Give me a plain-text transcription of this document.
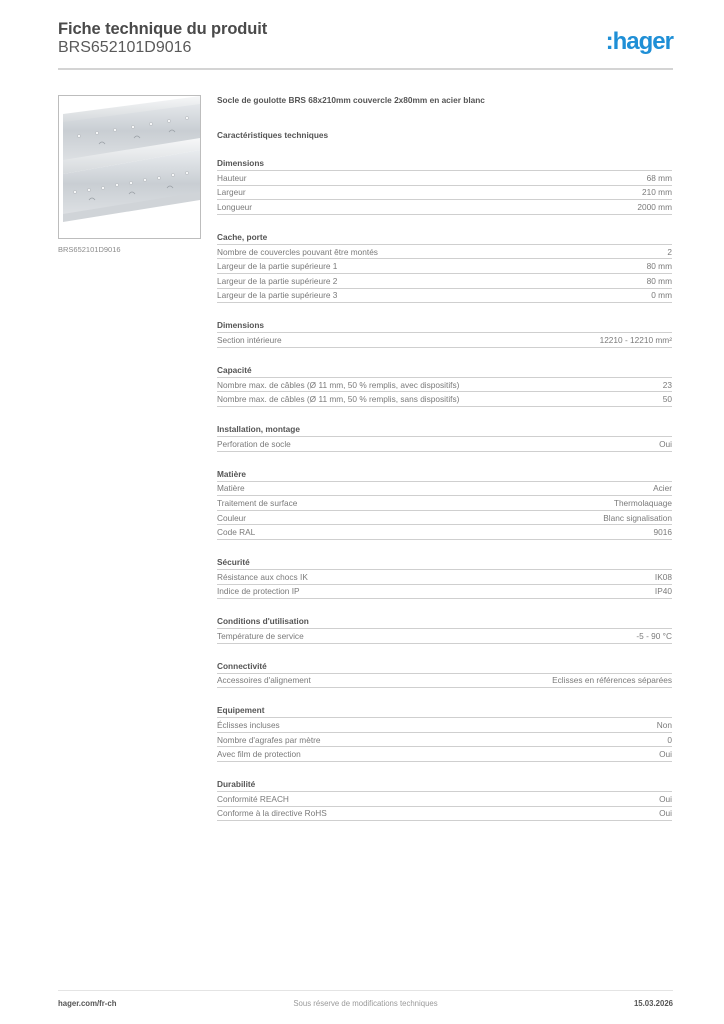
Fiche technique du produit
BRS652101D9016	:hager
BRS652101D9016
Socle de goulotte BRS 68x210mm couvercle 2x80mm en acier blanc
Caractéristiques techniques
Dimensions
Hauteur	68 mm
Largeur	210 mm
Longueur	2000 mm
Cache, porte
Nombre de couvercles pouvant être montés	2
Largeur de la partie supérieure 1	80 mm
Largeur de la partie supérieure 2	80 mm
Largeur de la partie supérieure 3	0 mm
Dimensions
Section intérieure	12210 - 12210 mm²
Capacité
Nombre max. de câbles (Ø 11 mm, 50 % remplis, avec dispositifs)	23
Nombre max. de câbles (Ø 11 mm, 50 % remplis, sans dispositifs)	50
Installation, montage
Perforation de socle	Oui
Matière
Matière	Acier
Traitement de surface	Thermolaquage
Couleur	Blanc signalisation
Code RAL	9016
Sécurité
Résistance aux chocs IK	IK08
Indice de protection IP	IP40
Conditions d'utilisation
Température de service	-5 - 90 °C
Connectivité
Accessoires d'alignement	Eclisses en références séparées
Equipement
Éclisses incluses	Non
Nombre d'agrafes par mètre	0
Avec film de protection	Oui
Durabilité
Conformité REACH	Oui
Conforme à la directive RoHS	Oui
hager.com/fr-ch	Sous réserve de modifications techniques	15.03.2026
